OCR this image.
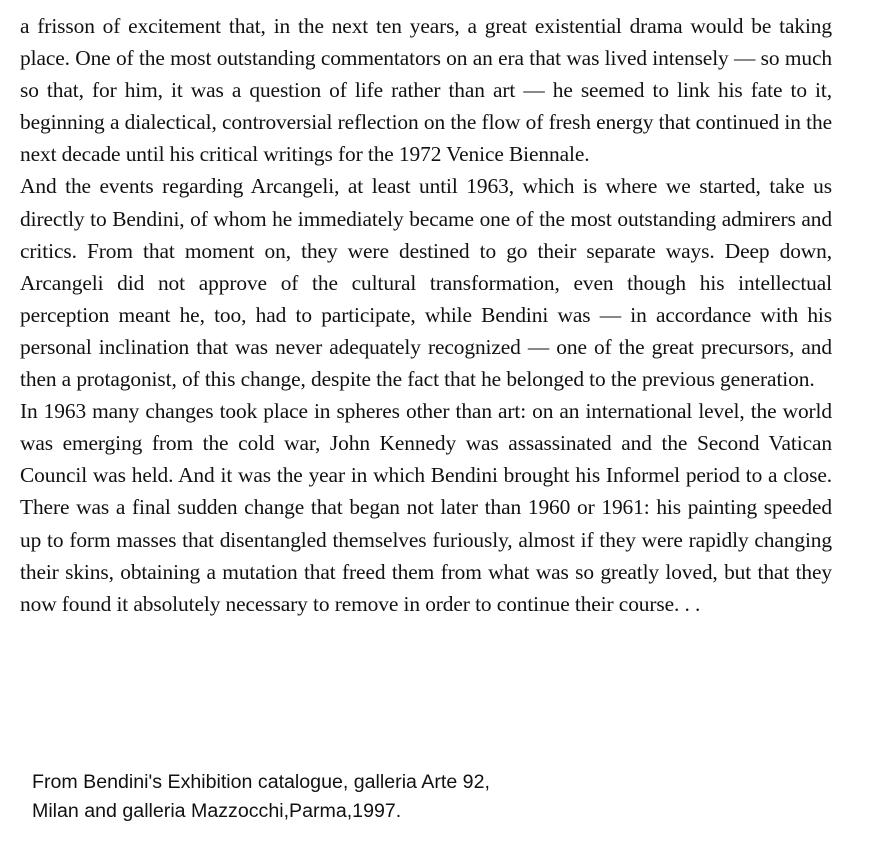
a frisson of excitement that, in the next ten years, a great existential drama would be taking place. One of the most outstanding commentators on an era that was lived intensely — so much so that, for him, it was a question of life rather than art — he seemed to link his fate to it, beginning a dialectical, controversial reflection on the flow of fresh energy that continued in the next decade until his critical writings for the 1972 Venice Biennale.

And the events regarding Arcangeli, at least until 1963, which is where we started, take us directly to Bendini, of whom he immediately became one of the most outstanding admirers and critics. From that moment on, they were destined to go their separate ways. Deep down, Arcangeli did not approve of the cultural transformation, even though his intellectual perception meant he, too, had to participate, while Bendini was — in accordance with his personal inclination that was never adequately recognized — one of the great precursors, and then a protagonist, of this change, despite the fact that he belonged to the previous generation.

In 1963 many changes took place in spheres other than art: on an international level, the world was emerging from the cold war, John Kennedy was assassinated and the Second Vatican Council was held. And it was the year in which Bendini brought his Informel period to a close. There was a final sudden change that began not later than 1960 or 1961: his painting speeded up to form masses that disentangled themselves furiously, almost if they were rapidly changing their skins, obtaining a mutation that freed them from what was so greatly loved, but that they now found it absolutely necessary to remove in order to continue their course. . .

From Bendini's Exhibition catalogue, galleria Arte 92,

Milan and galleria Mazzocchi,Parma,1997.
